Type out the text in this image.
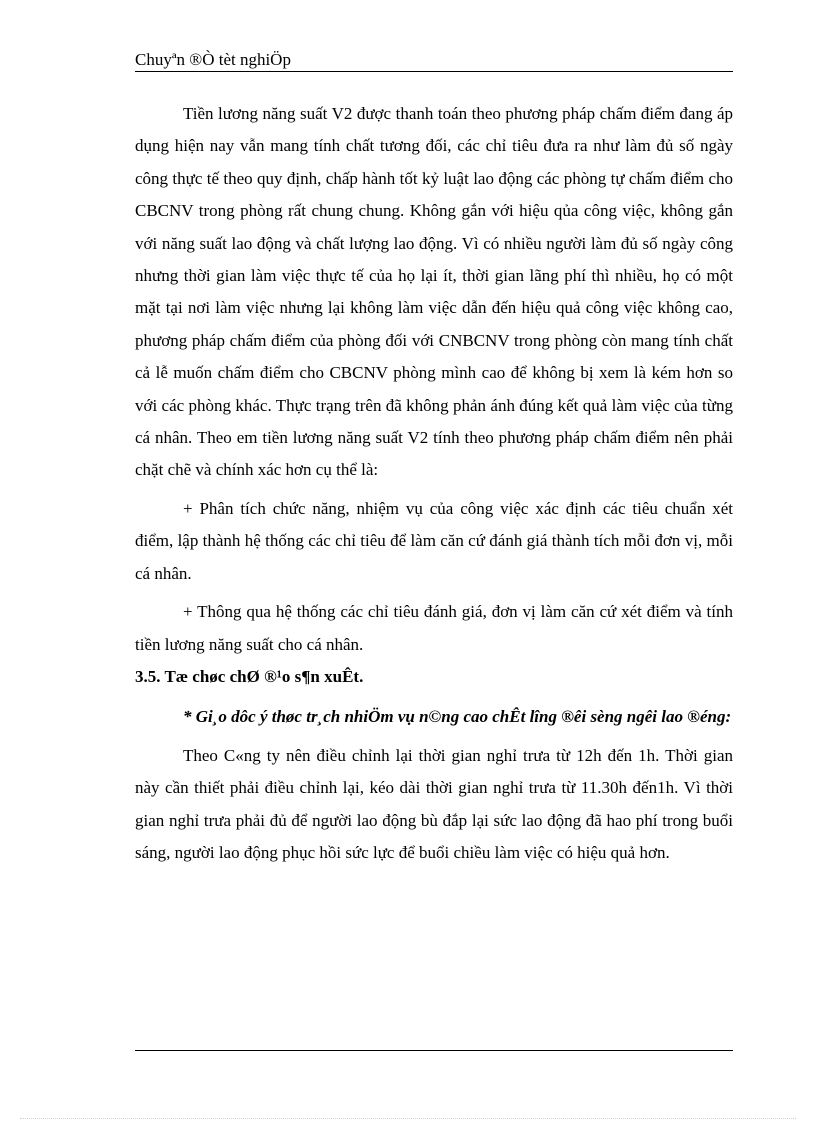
Chuyªn ®Ò tèt nghiÖp

Tiền lương năng suất V2 được thanh toán theo phương pháp chấm điểm đang áp dụng hiện nay vẫn mang tính chất tương đối, các chỉ tiêu đưa ra như làm đủ số ngày công thực tế theo quy định, chấp hành tốt kỷ luật lao động các phòng tự chấm điểm cho CBCNV trong phòng rất chung chung. Không gắn với hiệu qủa công việc, không gắn với năng suất lao động và chất lượng lao động. Vì có nhiều người làm đủ số ngày công nhưng thời gian làm việc thực tế của họ lại ít, thời gian lãng phí thì nhiều, họ có một mặt tại nơi làm việc nhưng lại không làm việc dẫn đến hiệu quả công việc không cao, phương pháp chấm điểm của phòng đối với CNBCNV trong phòng còn mang tính chất cả lễ muốn chấm điểm cho CBCNV phòng mình cao để không bị xem là kém hơn so với các phòng khác. Thực trạng trên đã không phản ánh đúng kết quả làm việc của từng cá nhân. Theo em tiền lương năng suất V2 tính theo phương pháp chấm điểm nên phải chặt chẽ và chính xác hơn cụ thể là:

+ Phân tích chức năng, nhiệm vụ của công việc xác định các tiêu chuẩn xét điểm, lập thành hệ thống các chỉ tiêu để làm căn cứ đánh giá thành tích mỗi đơn vị, mỗi cá nhân.

+ Thông qua hệ thống các chỉ tiêu đánh giá, đơn vị làm căn cứ xét điểm và tính tiền lương năng suất cho cá nhân.

3.5. Tæ chøc chØ ®¹o s¶n xuÊt.

* Gi¸o dôc ý thøc tr¸ch nhiÖm vụ n©ng cao chÊt lîng ®êi sèng ngêi lao ®éng:

Theo C«ng ty nên điều chỉnh lại thời gian nghỉ trưa từ 12h đến 1h. Thời gian này cần thiết phải điều chỉnh lại, kéo dài thời gian nghỉ trưa từ 11.30h đến1h. Vì thời gian nghỉ trưa phải đủ để người lao động bù đắp lại sức lao động đã hao phí trong buổi sáng, người lao động phục hồi sức lực để buổi chiều làm việc có hiệu quả hơn.
